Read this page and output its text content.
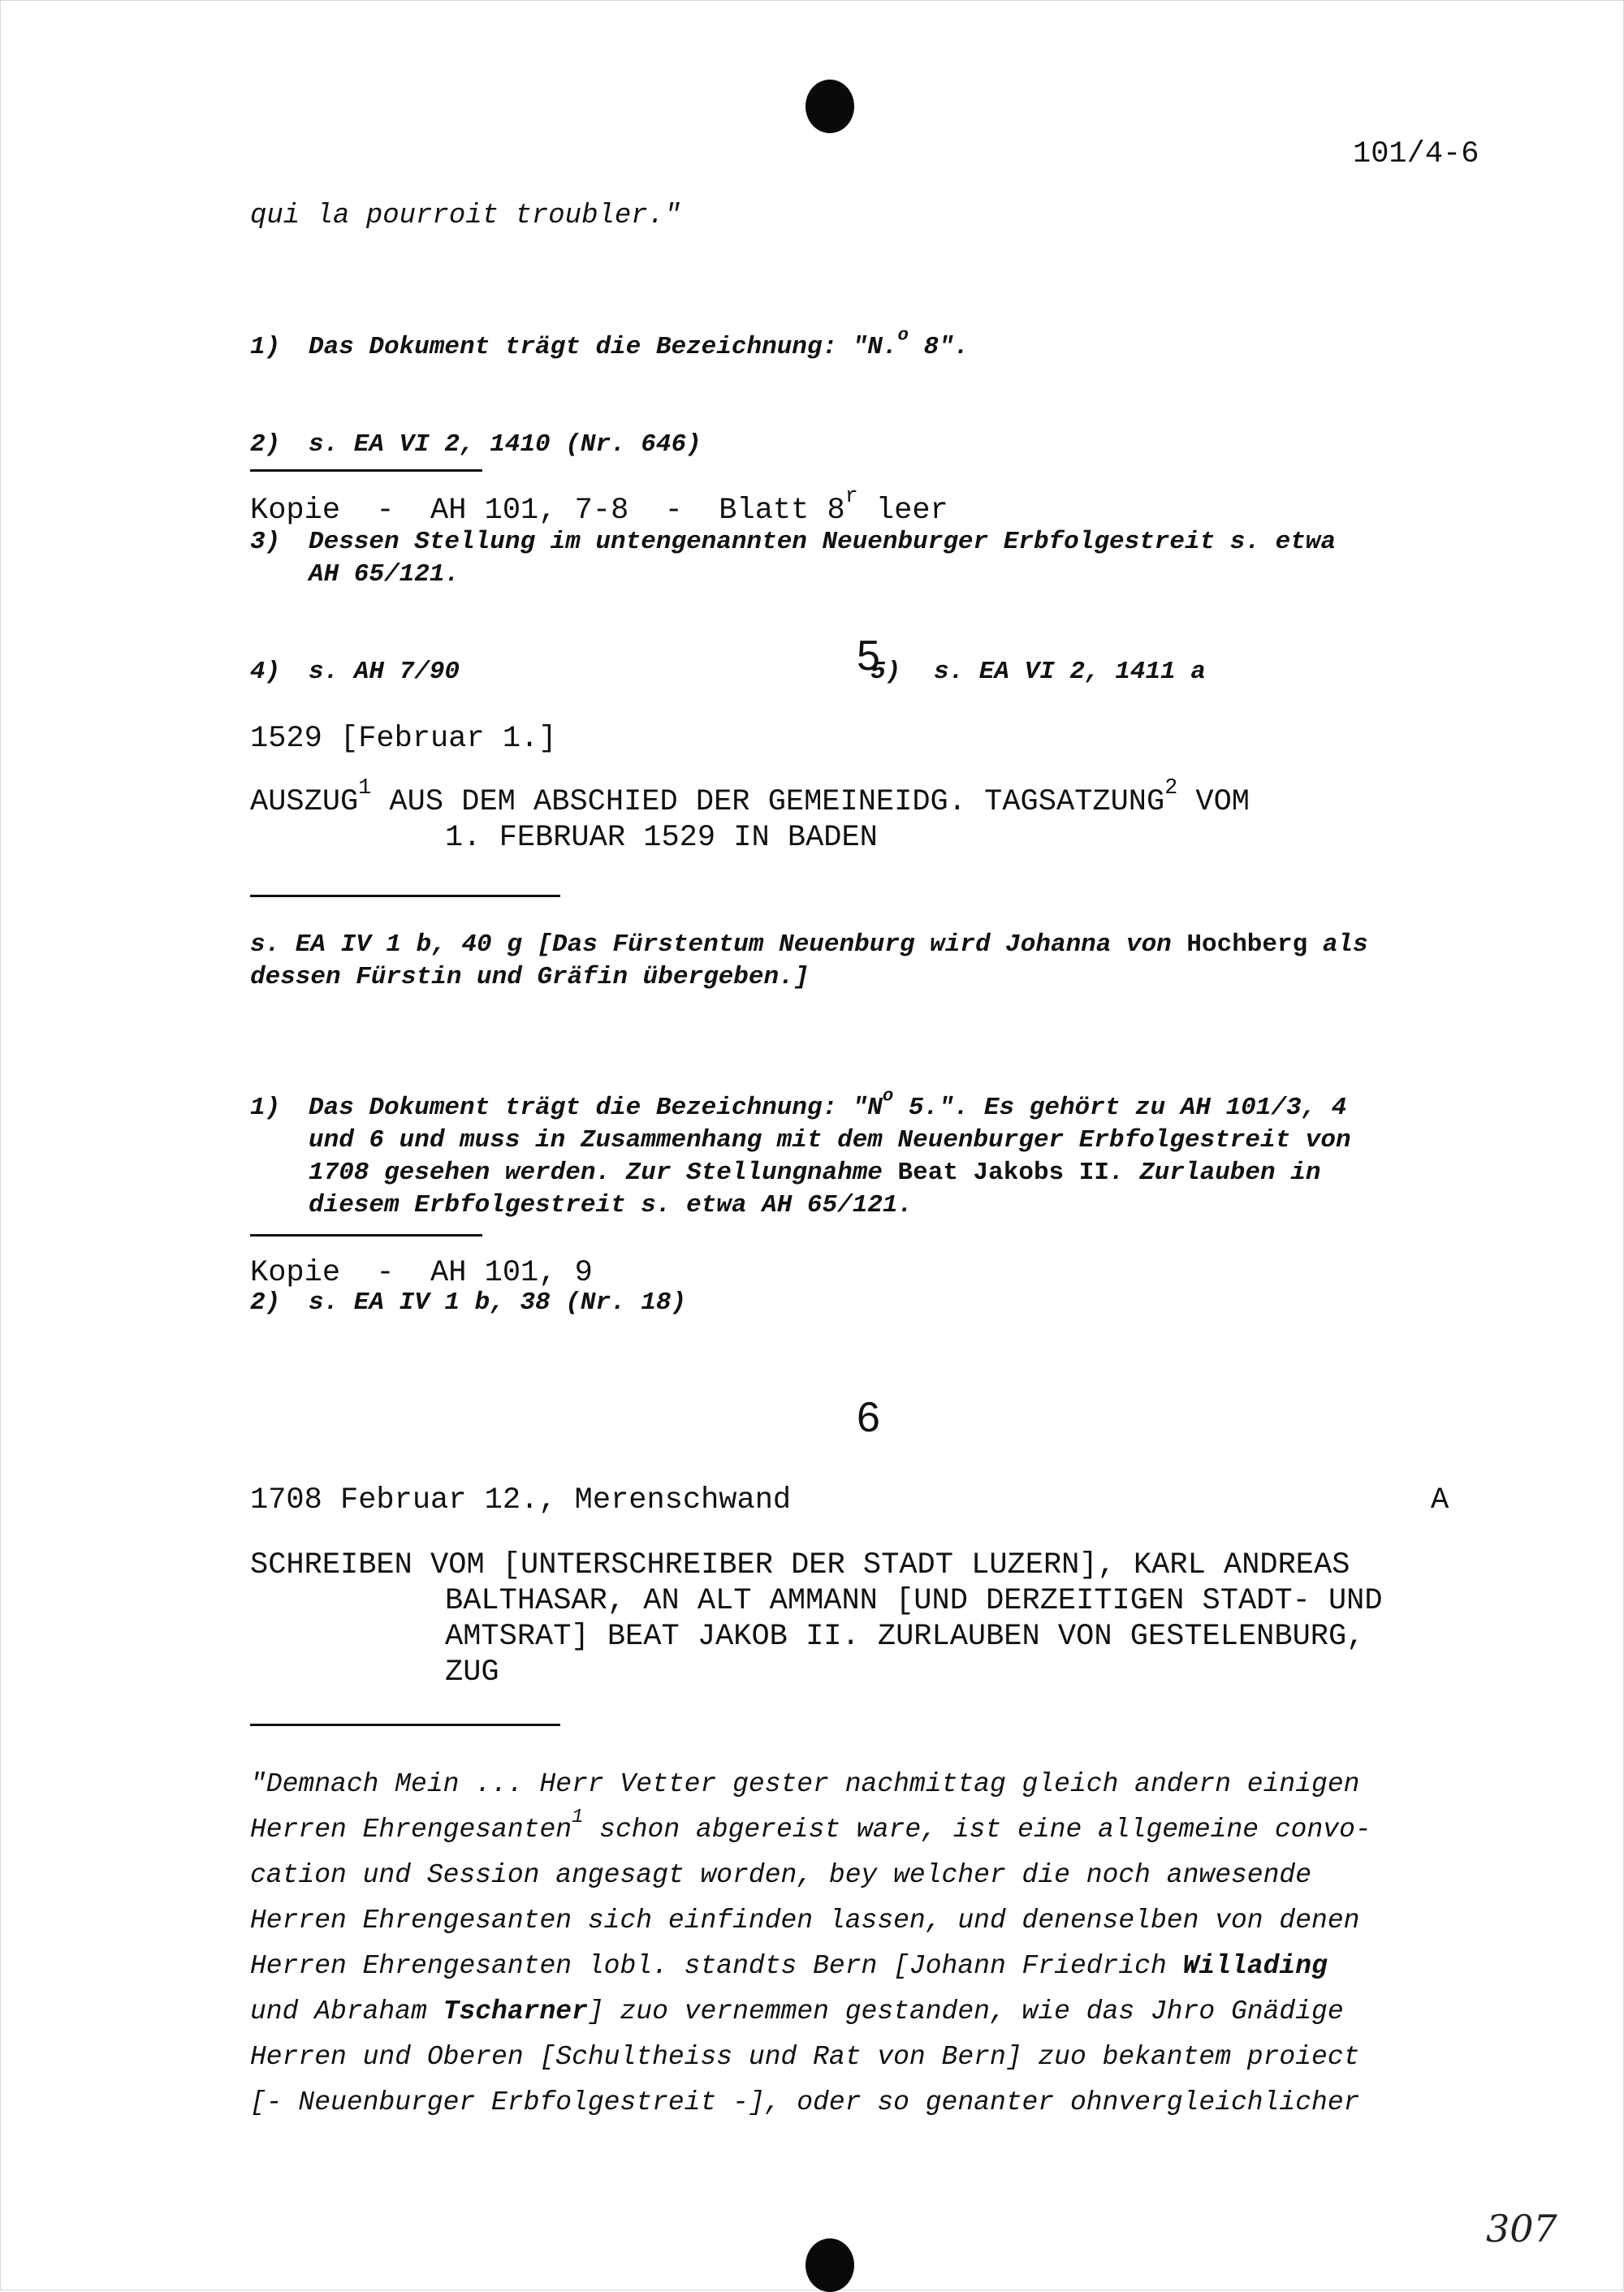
101/4-6
qui la pourroit troubler."

1)	Das Dokument trägt die Bezeichnung: "N.$^o$ 8".

2)	s. EA VI 2, 1410 (Nr. 646)

3)	Dessen Stellung im untengenannten Neuenburger Erbfolgestreit s. etwa
AH 65/121.

4)	s. AH 7/90	5)	s. EA VI 2, 1411 a

Kopie  -  AH 101, 7-8  -  Blatt 8$^r$ leer
5
1529 [Februar 1.]
AUSZUG$^1$ AUS DEM ABSCHIED DER GEMEINEIDG. TAGSATZUNG$^2$ VOM
1. FEBRUAR 1529 IN BADEN
s. EA IV 1 b, 40 g [Das Fürstentum Neuenburg wird Johanna von Hochberg als
dessen Fürstin und Gräfin übergeben.]

1)	Das Dokument trägt die Bezeichnung: "$N^o$ 5.". Es gehört zu AH 101/3, 4
und 6 und muss in Zusammenhang mit dem Neuenburger Erbfolgestreit von
1708 gesehen werden. Zur Stellungnahme Beat Jakobs II. Zurlauben in
diesem Erbfolgestreit s. etwa AH 65/121.

2)	s. EA IV 1 b, 38 (Nr. 18)

Kopie  -  AH 101, 9
6
1708 Februar 12., Merenschwand	A
SCHREIBEN VOM [UNTERSCHREIBER DER STADT LUZERN], KARL ANDREAS
BALTHASAR, AN ALT AMMANN [UND DERZEITIGEN STADT- UND
AMTSRAT] BEAT JAKOB II. ZURLAUBEN VON GESTELENBURG,
ZUG
"Demnach Mein ... Herr Vetter gester nachmittag gleich andern einigen
Herren Ehrengesanten$^1$ schon abgereist ware, ist eine allgemeine convo-
cation und Session angesagt worden, bey welcher die noch anwesende
Herren Ehrengesanten sich einfinden lassen, und denenselben von denen
Herren Ehrengesanten lobl. standts Bern [Johann Friedrich Willading
und Abraham Tscharner] zuo vernemmen gestanden, wie das Jhro Gnädige
Herren und Oberen [Schultheiss und Rat von Bern] zuo bekantem proiect
[- Neuenburger Erbfolgestreit -], oder so genanter ohnvergleichlicher
307
